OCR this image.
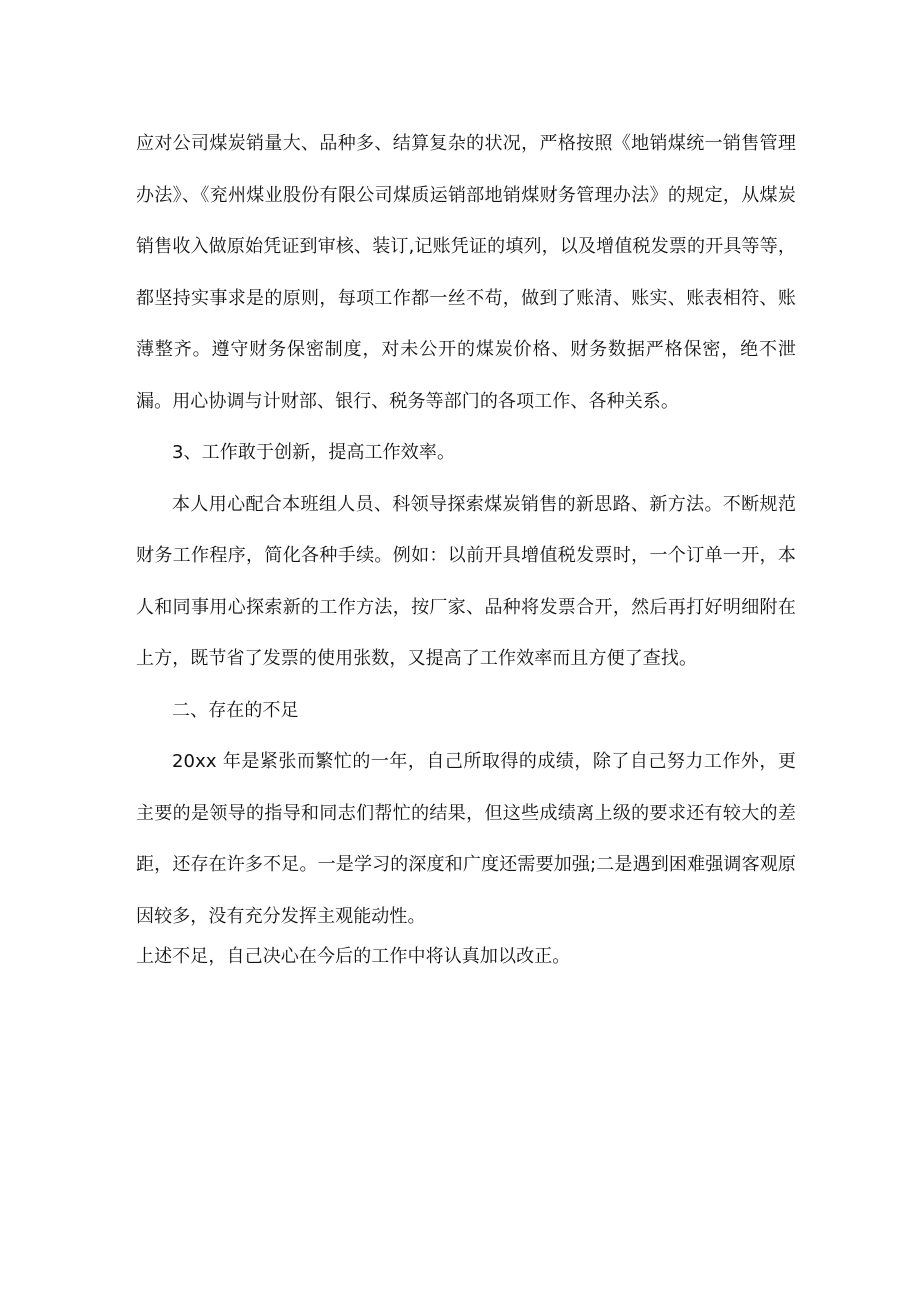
应对公司煤炭销量大、品种多、结算复杂的状况，严格按照《地销煤统一销售管理办法》、《兖州煤业股份有限公司煤质运销部地销煤财务管理办法》的规定，从煤炭销售收入做原始凭证到审核、装订,记账凭证的填列，以及增值税发票的开具等等，都坚持实事求是的原则，每项工作都一丝不苟，做到了账清、账实、账表相符、账薄整齐。遵守财务保密制度，对未公开的煤炭价格、财务数据严格保密，绝不泄漏。用心协调与计财部、银行、税务等部门的各项工作、各种关系。

3、工作敢于创新，提高工作效率。

本人用心配合本班组人员、科领导探索煤炭销售的新思路、新方法。不断规范财务工作程序，简化各种手续。例如：以前开具增值税发票时，一个订单一开，本人和同事用心探索新的工作方法，按厂家、品种将发票合开，然后再打好明细附在上方，既节省了发票的使用张数，又提高了工作效率而且方便了查找。

二、存在的不足

20xx 年是紧张而繁忙的一年，自己所取得的成绩，除了自己努力工作外，更主要的是领导的指导和同志们帮忙的结果，但这些成绩离上级的要求还有较大的差距，还存在许多不足。一是学习的深度和广度还需要加强;二是遇到困难强调客观原因较多，没有充分发挥主观能动性。

上述不足，自己决心在今后的工作中将认真加以改正。
